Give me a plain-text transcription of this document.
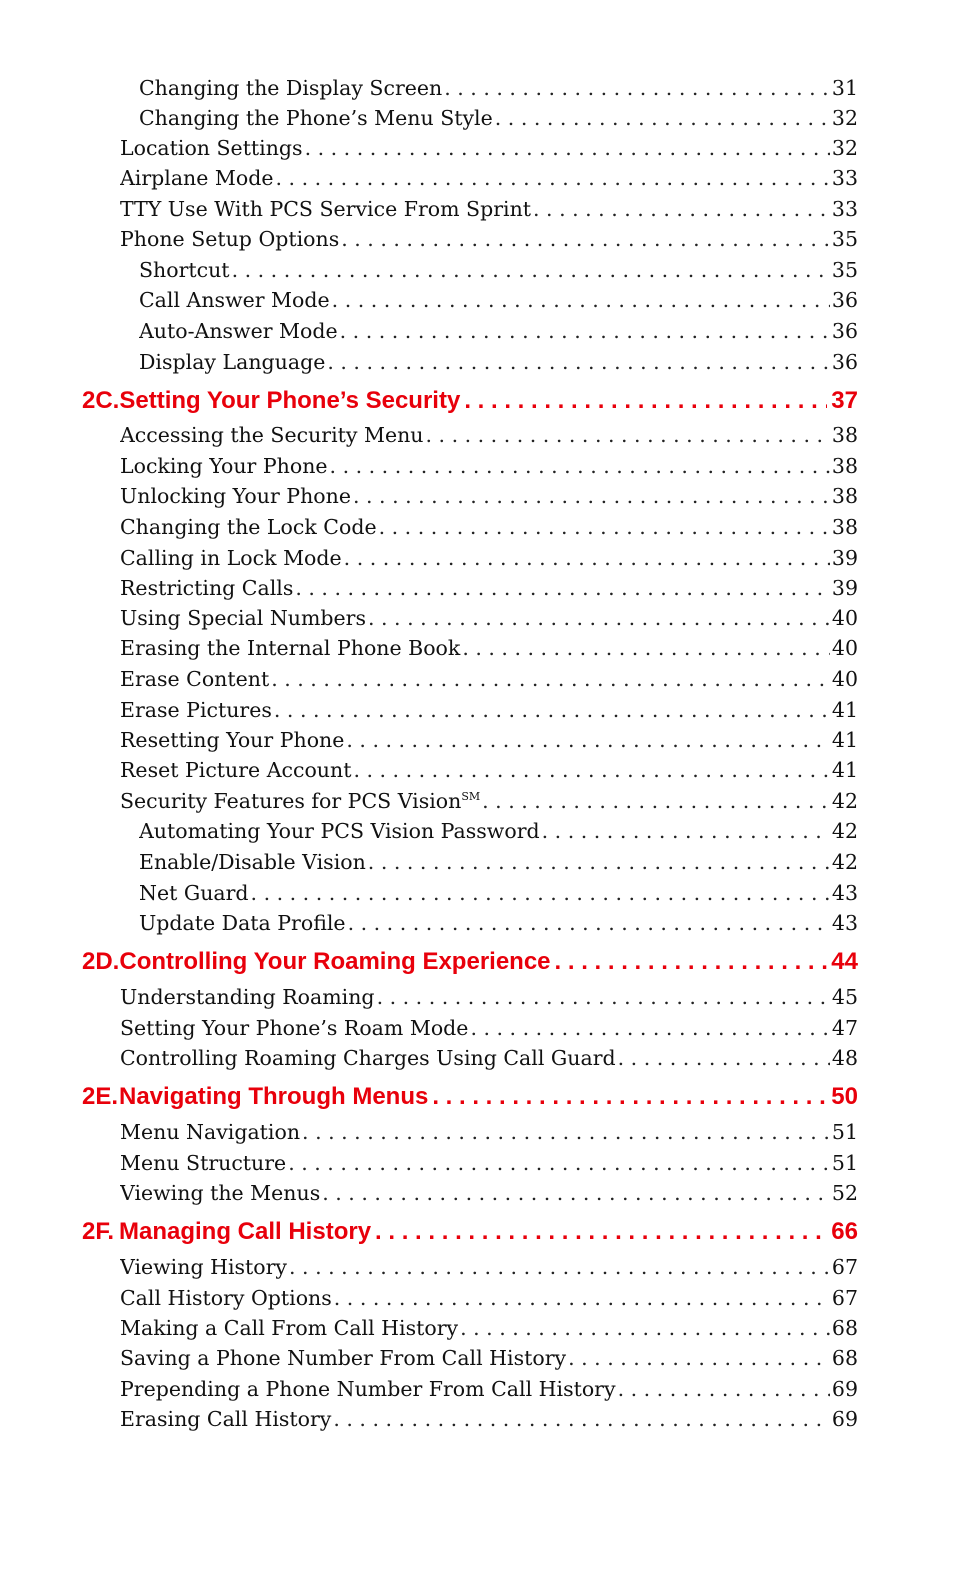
Changing the Display Screen . . .	31
Changing the Phone’s Menu Style . . .	32
Location Settings . . .	32
Airplane Mode . . .	33
TTY Use With PCS Service From Sprint . . .	33
Phone Setup Options . . .	35
Shortcut . . .	35
Call Answer Mode . . .	36
Auto-Answer Mode . . .	36
Display Language . . .	36
2C. Setting Your Phone’s Security . . .	37
Accessing the Security Menu . . .	38
Locking Your Phone . . .	38
Unlocking Your Phone . . .	38
Changing the Lock Code . . .	38
Calling in Lock Mode . . .	39
Restricting Calls . . .	39
Using Special Numbers . . .	40
Erasing the Internal Phone Book . . .	40
Erase Content . . .	40
Erase Pictures . . .	41
Resetting Your Phone . . .	41
Reset Picture Account . . .	41
Security Features for PCS Vision℠ . . .	42
Automating Your PCS Vision Password . . .	42
Enable/Disable Vision . . .	42
Net Guard . . .	43
Update Data Profile . . .	43
2D. Controlling Your Roaming Experience . . .	44
Understanding Roaming . . .	45
Setting Your Phone’s Roam Mode . . .	47
Controlling Roaming Charges Using Call Guard . . .	48
2E. Navigating Through Menus . . .	50
Menu Navigation . . .	51
Menu Structure . . .	51
Viewing the Menus . . .	52
2F. Managing Call History . . .	66
Viewing History . . .	67
Call History Options . . .	67
Making a Call From Call History . . .	68
Saving a Phone Number From Call History . . .	68
Prepending a Phone Number From Call History . . .	69
Erasing Call History . . .	69
